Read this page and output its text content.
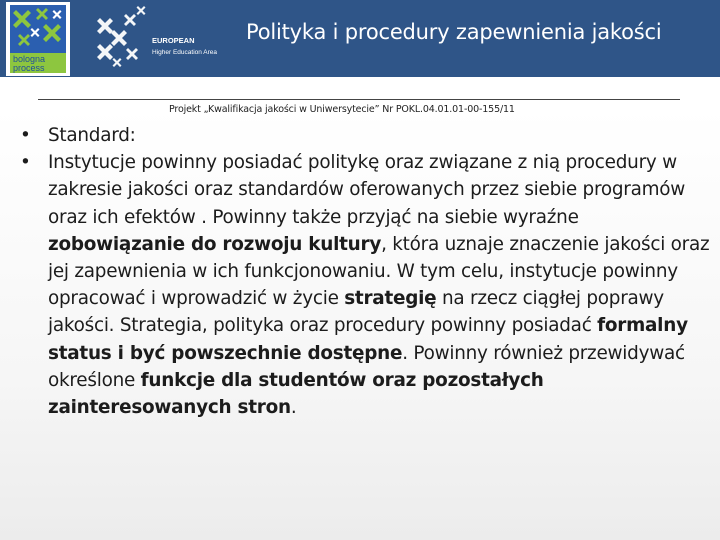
bologna
process
EUROPEAN
Higher Education Area
Polityka i procedury zapewnienia jakości
Projekt „Kwalifikacja jakości w Uniwersytecie” Nr POKL.04.01.01-00-155/11
• Standard:
• Instytucje powinny posiadać politykę oraz związane z nią procedury w zakresie jakości oraz standardów oferowanych przez siebie programów oraz ich efektów . Powinny także przyjąć na siebie wyraźne zobowiązanie do rozwoju kultury, która uznaje znaczenie jakości oraz jej zapewnienia w ich funkcjonowaniu. W tym celu, instytucje powinny opracować i wprowadzić w życie strategię na rzecz ciągłej poprawy jakości. Strategia, polityka oraz procedury powinny posiadać formalny status i być powszechnie dostępne. Powinny również przewidywać określone funkcje dla studentów oraz pozostałych zainteresowanych stron.
